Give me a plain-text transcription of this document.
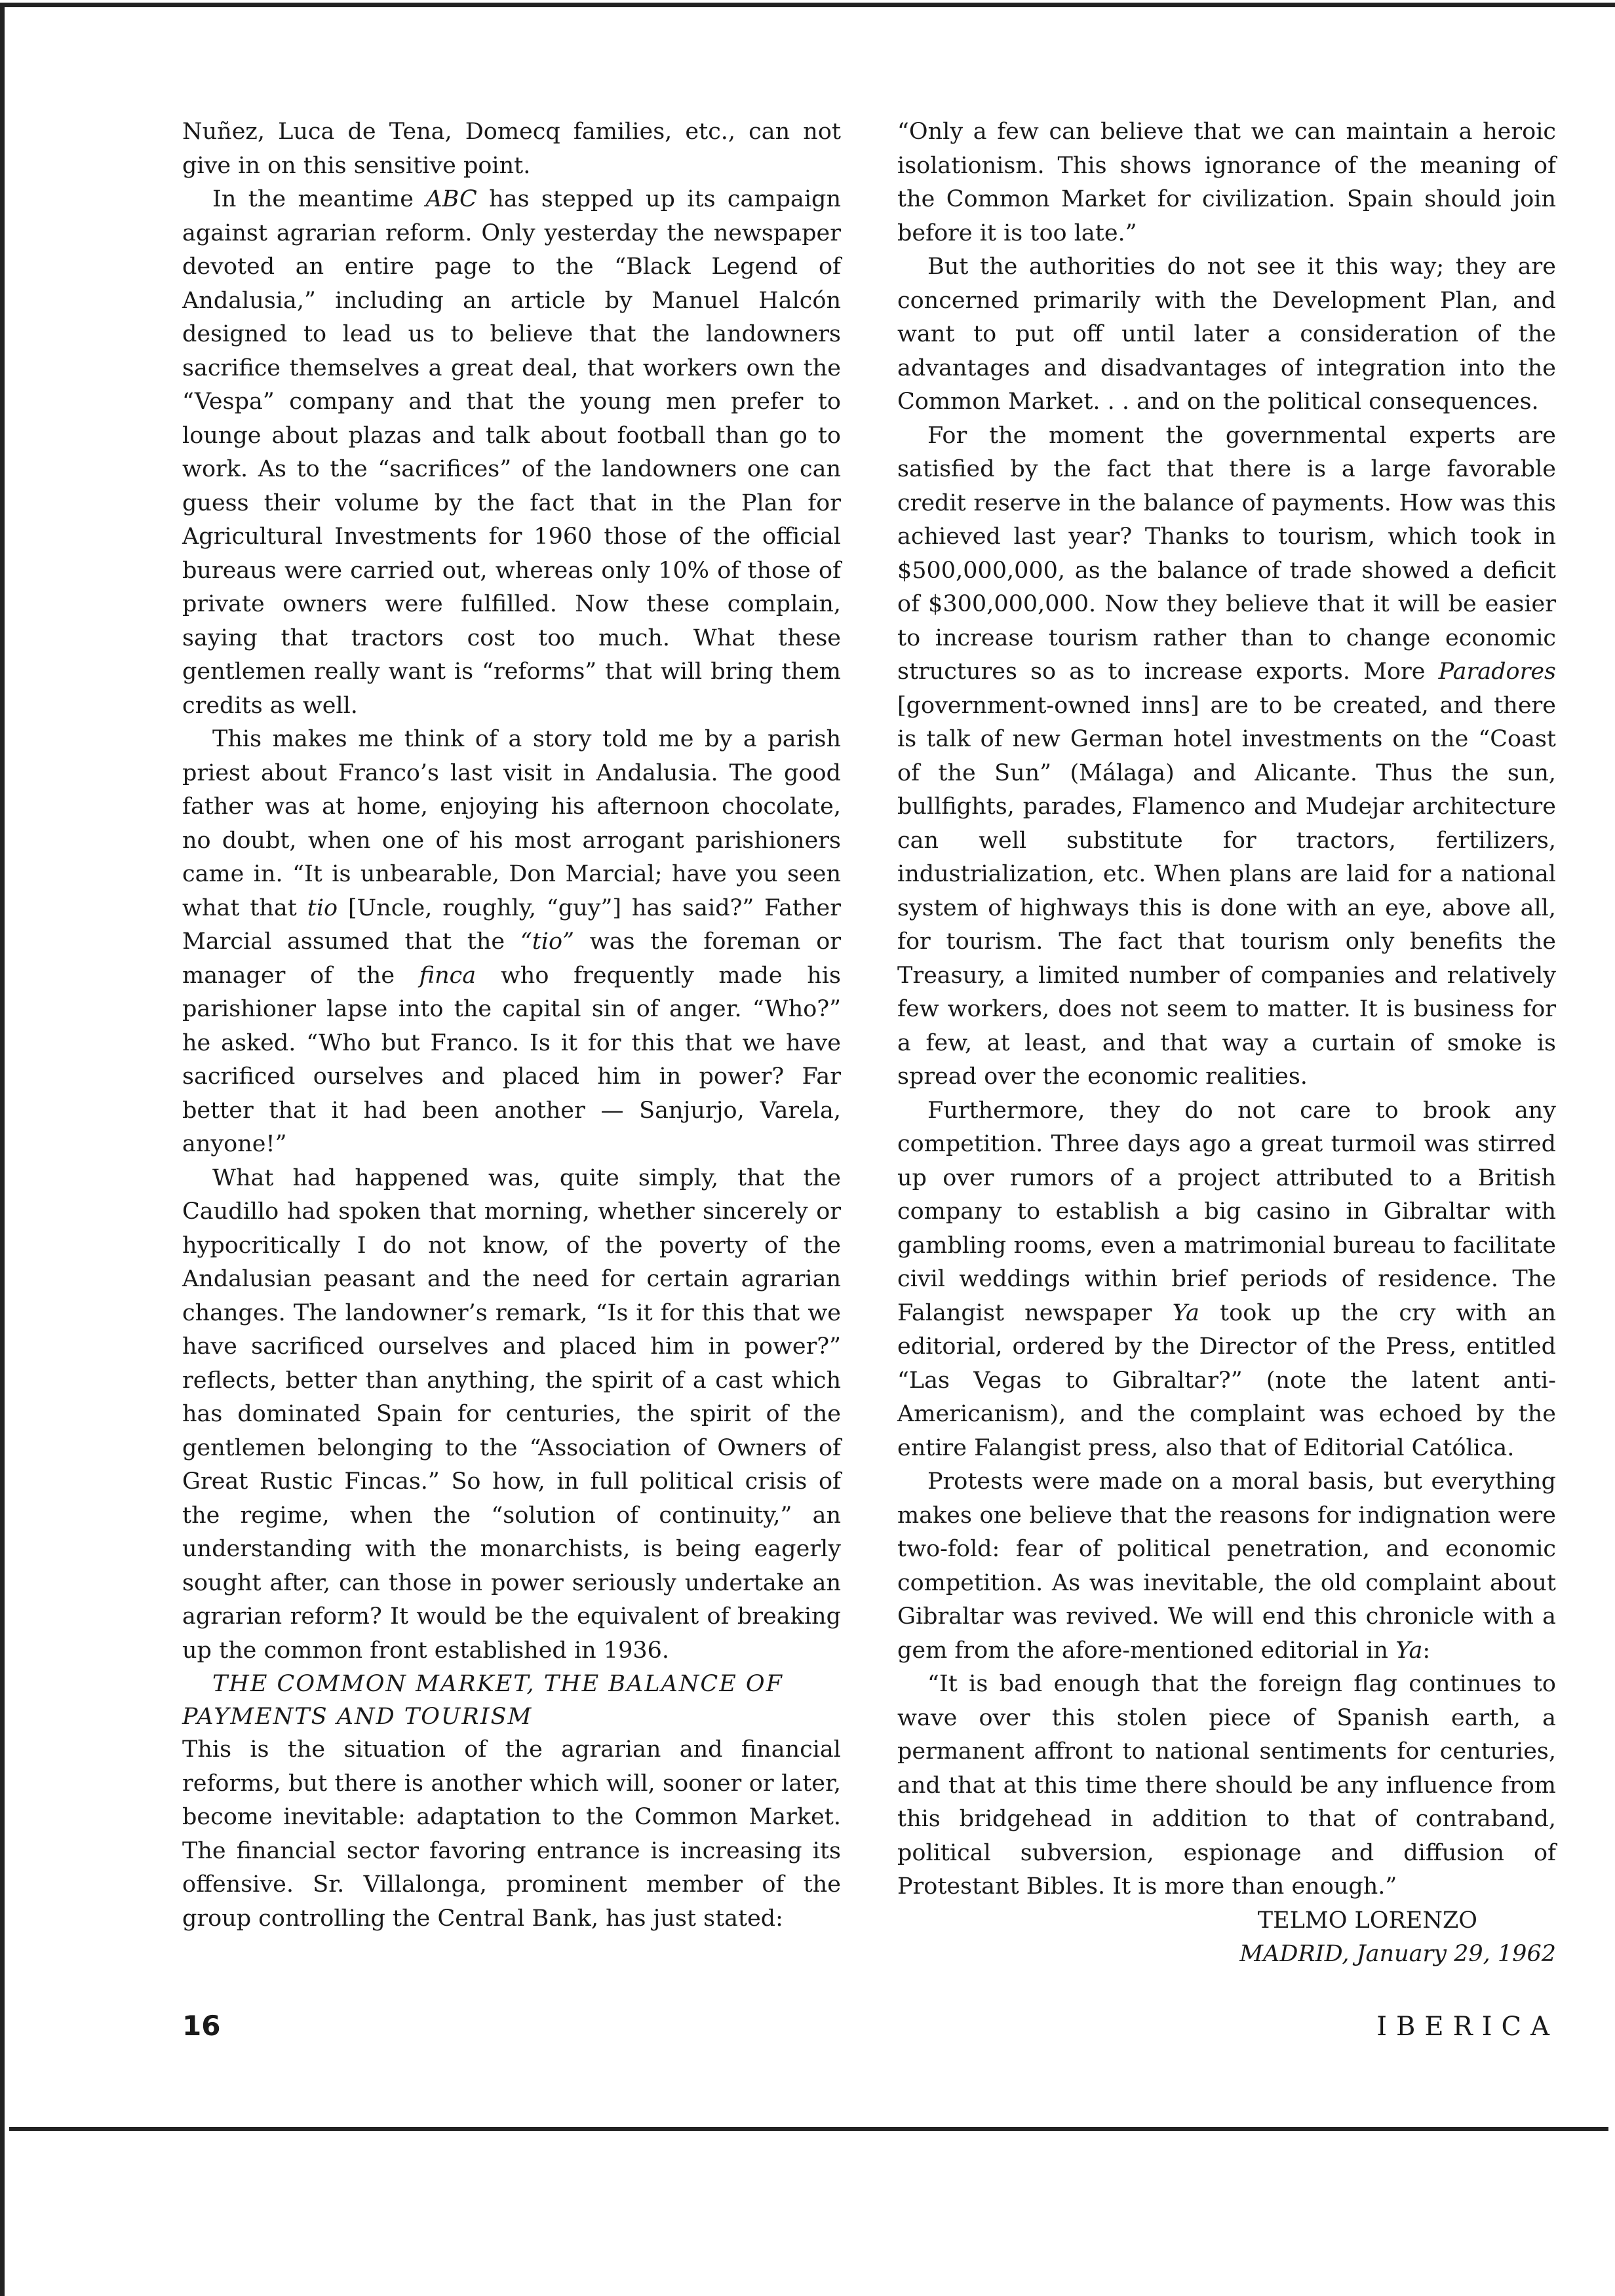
Nuñez, Luca de Tena, Domecq families, etc., can not give in on this sensitive point.

In the meantime ABC has stepped up its campaign against agrarian reform. Only yesterday the newspaper devoted an entire page to the “Black Legend of Andalusia,” including an article by Manuel Halcón designed to lead us to believe that the landowners sacrifice themselves a great deal, that workers own the “Vespa” company and that the young men prefer to lounge about plazas and talk about football than go to work. As to the “sacrifices” of the landowners one can guess their volume by the fact that in the Plan for Agricultural Investments for 1960 those of the official bureaus were carried out, whereas only 10% of those of private owners were fulfilled. Now these complain, saying that tractors cost too much. What these gentlemen really want is “reforms” that will bring them credits as well.

This makes me think of a story told me by a parish priest about Franco’s last visit in Andalusia. The good father was at home, enjoying his afternoon chocolate, no doubt, when one of his most arrogant parishioners came in. “It is unbearable, Don Marcial; have you seen what that tio [Uncle, roughly, “guy”] has said?” Father Marcial assumed that the “tio” was the foreman or manager of the finca who frequently made his parishioner lapse into the capital sin of anger. “Who?” he asked. “Who but Franco. Is it for this that we have sacrificed ourselves and placed him in power? Far better that it had been another — Sanjurjo, Varela, anyone!”

What had happened was, quite simply, that the Caudillo had spoken that morning, whether sincerely or hypocritically I do not know, of the poverty of the Andalusian peasant and the need for certain agrarian changes. The landowner’s remark, “Is it for this that we have sacrificed ourselves and placed him in power?” reflects, better than anything, the spirit of a cast which has dominated Spain for centuries, the spirit of the gentlemen belonging to the “Association of Owners of Great Rustic Fincas.” So how, in full political crisis of the regime, when the “solution of continuity,” an understanding with the monarchists, is being eagerly sought after, can those in power seriously undertake an agrarian reform? It would be the equivalent of breaking up the common front established in 1936.

THE COMMON MARKET, THE BALANCE OF PAYMENTS AND TOURISM

This is the situation of the agrarian and financial reforms, but there is another which will, sooner or later, become inevitable: adaptation to the Common Market. The financial sector favoring entrance is increasing its offensive. Sr. Villalonga, prominent member of the group controlling the Central Bank, has just stated:

“Only a few can believe that we can maintain a heroic isolationism. This shows ignorance of the meaning of the Common Market for civilization. Spain should join before it is too late.”

But the authorities do not see it this way; they are concerned primarily with the Development Plan, and want to put off until later a consideration of the advantages and disadvantages of integration into the Common Market. . . and on the political consequences.

For the moment the governmental experts are satisfied by the fact that there is a large favorable credit reserve in the balance of payments. How was this achieved last year? Thanks to tourism, which took in $500,000,000, as the balance of trade showed a deficit of $300,000,000. Now they believe that it will be easier to increase tourism rather than to change economic structures so as to increase exports. More Paradores [government-owned inns] are to be created, and there is talk of new German hotel investments on the “Coast of the Sun” (Málaga) and Alicante. Thus the sun, bullfights, parades, Flamenco and Mudejar architecture can well substitute for tractors, fertilizers, industrialization, etc. When plans are laid for a national system of highways this is done with an eye, above all, for tourism. The fact that tourism only benefits the Treasury, a limited number of companies and relatively few workers, does not seem to matter. It is business for a few, at least, and that way a curtain of smoke is spread over the economic realities.

Furthermore, they do not care to brook any competition. Three days ago a great turmoil was stirred up over rumors of a project attributed to a British company to establish a big casino in Gibraltar with gambling rooms, even a matrimonial bureau to facilitate civil weddings within brief periods of residence. The Falangist newspaper Ya took up the cry with an editorial, ordered by the Director of the Press, entitled “Las Vegas to Gibraltar?” (note the latent anti-Americanism), and the complaint was echoed by the entire Falangist press, also that of Editorial Católica.

Protests were made on a moral basis, but everything makes one believe that the reasons for indignation were two-fold: fear of political penetration, and economic competition. As was inevitable, the old complaint about Gibraltar was revived. We will end this chronicle with a gem from the afore-mentioned editorial in Ya:

“It is bad enough that the foreign flag continues to wave over this stolen piece of Spanish earth, a permanent affront to national sentiments for centuries, and that at this time there should be any influence from this bridgehead in addition to that of contraband, political subversion, espionage and diffusion of Protestant Bibles. It is more than enough.”

TELMO LORENZO

MADRID, January 29, 1962

16	IBERICA
